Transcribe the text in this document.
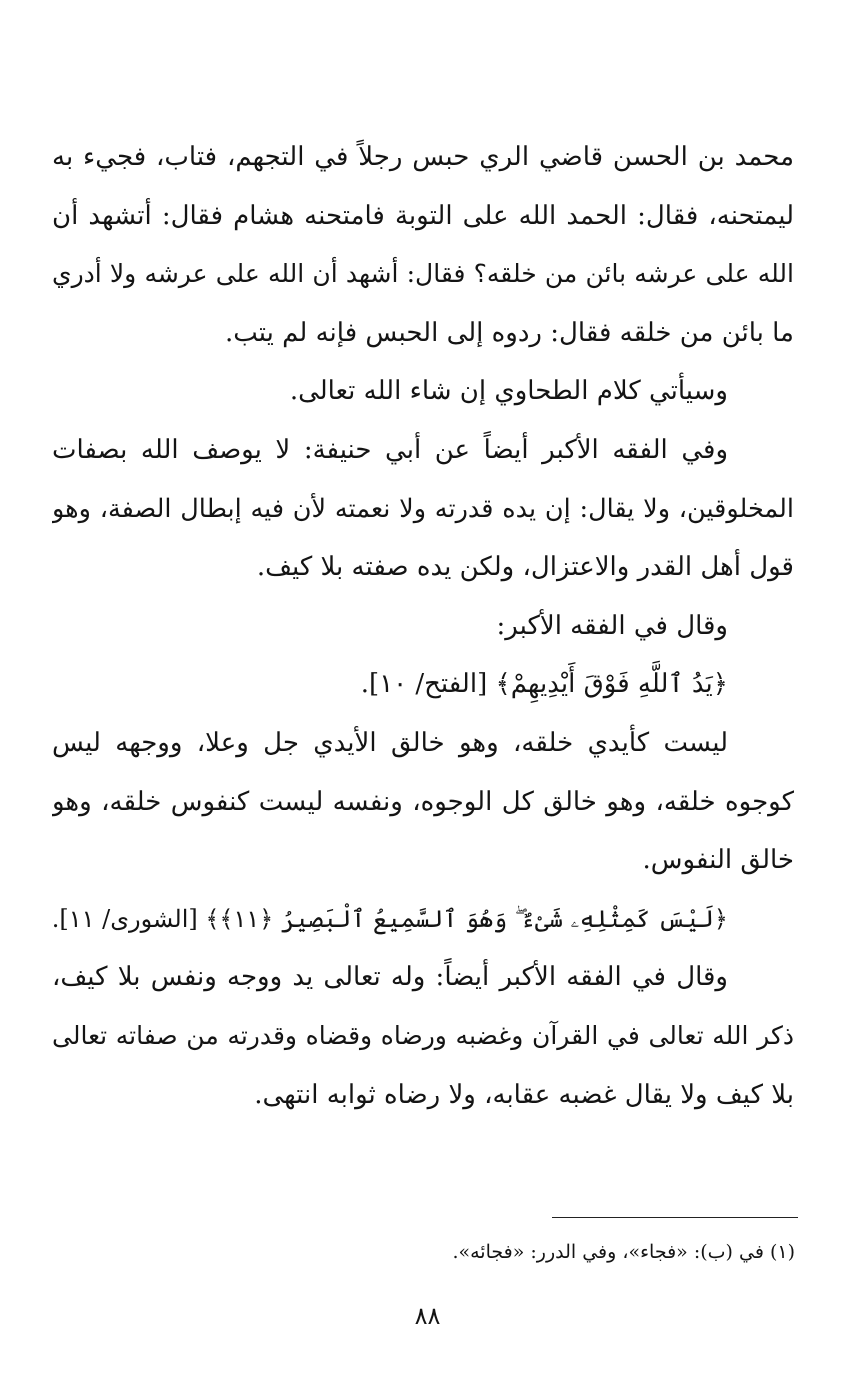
محمد بن الحسن قاضي الري حبس رجلاً في التجهم، فتاب، فجيء به
ليمتحنه، فقال: الحمد الله على التوبة فامتحنه هشام فقال: أتشهد أن
الله على عرشه بائن من خلقه؟ فقال: أشهد أن الله على عرشه ولا أدري
ما بائن من خلقه فقال: ردوه إلى الحبس فإنه لم يتب.
وسيأتي كلام الطحاوي إن شاء الله تعالى.
وفي الفقه الأكبر أيضاً عن أبي حنيفة: لا يوصف الله بصفات
المخلوقين، ولا يقال: إن يده قدرته ولا نعمته لأن فيه إبطال الصفة، وهو
قول أهل القدر والاعتزال، ولكن يده صفته بلا كيف.
وقال في الفقه الأكبر:
﴿يَدُ ٱللَّهِ فَوْقَ أَيْدِيهِمْ﴾ [الفتح/ ١٠].
ليست كأيدي خلقه، وهو خالق الأيدي جل وعلا، ووجهه ليس
كوجوه خلقه، وهو خالق كل الوجوه، ونفسه ليست كنفوس خلقه، وهو
خالق النفوس.
﴿لَيْسَ كَمِثْلِهِۦ شَىْءٌ ۖ وَهُوَ ٱلسَّمِيعُ ٱلْبَصِيرُ ﴿١١﴾﴾ [الشورى/ ١١].
وقال في الفقه الأكبر أيضاً: وله تعالى يد ووجه ونفس بلا كيف،
ذكر الله تعالى في القرآن وغضبه ورضاه وقضاه وقدرته من صفاته تعالى
بلا كيف ولا يقال غضبه عقابه، ولا رضاه ثوابه انتهى.
(١) في (ب): «فجاء»، وفي الدرر: «فجائه».
٨٨
